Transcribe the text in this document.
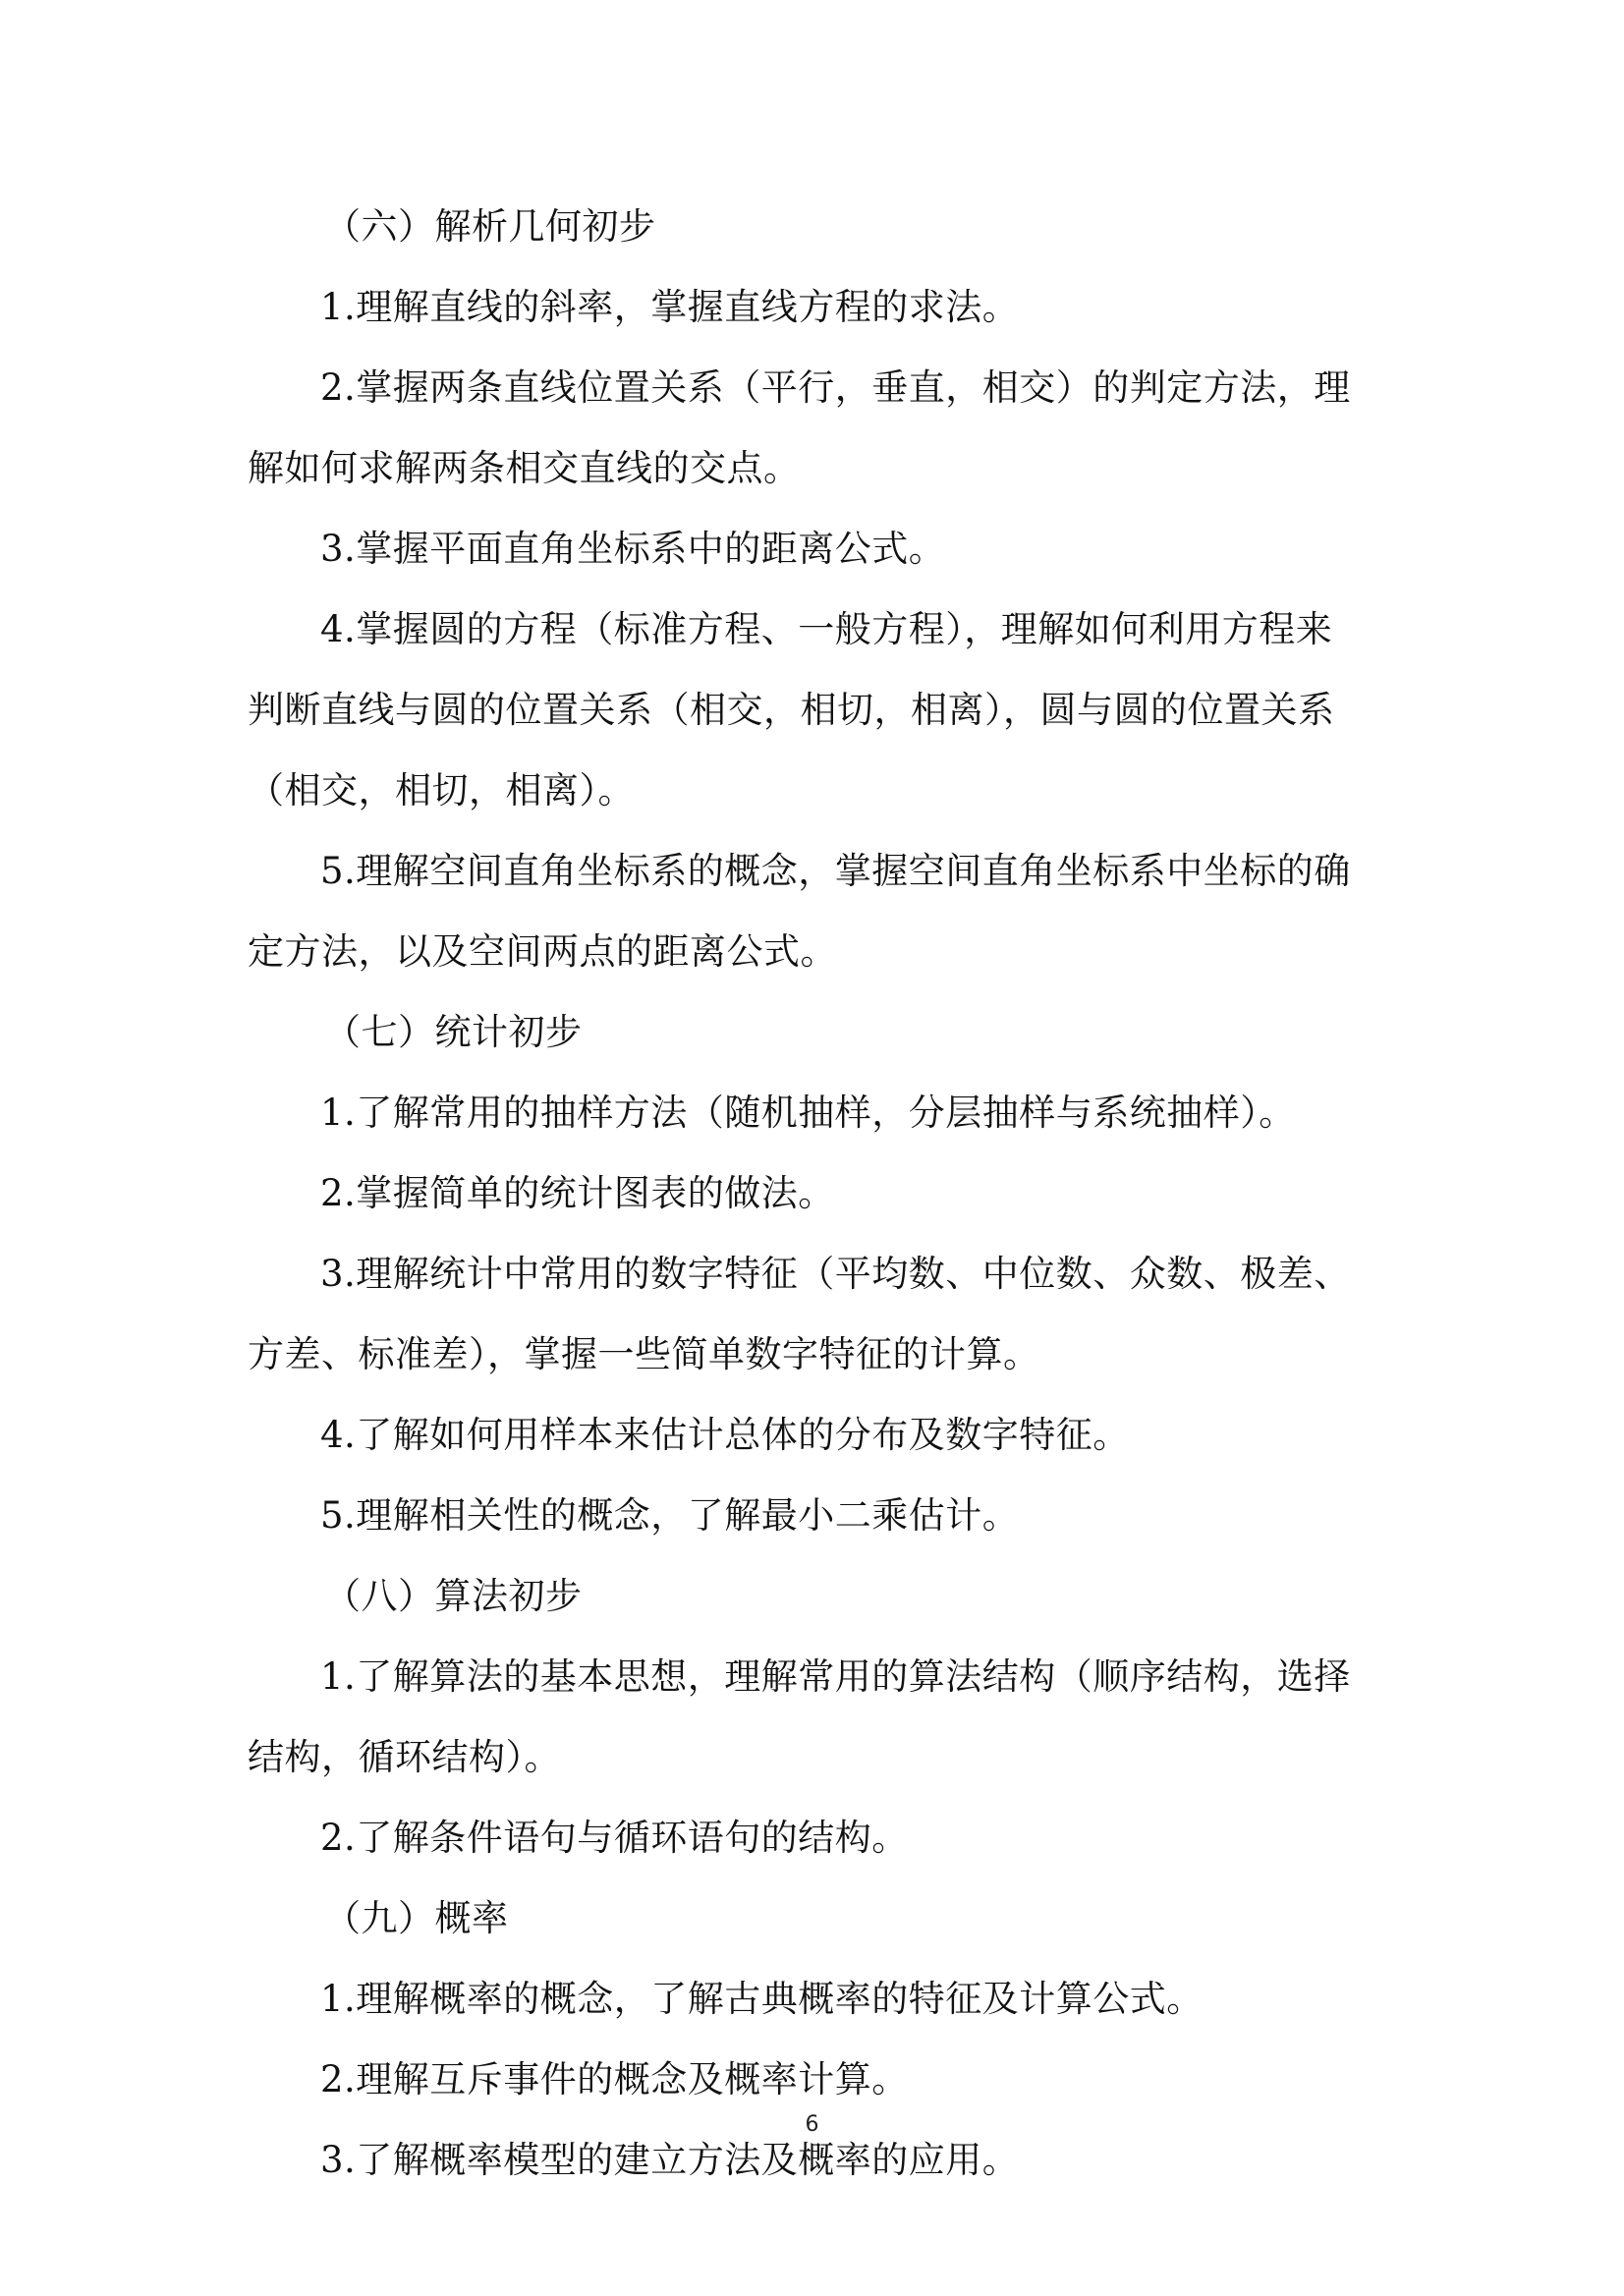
（六）解析几何初步
1.理解直线的斜率，掌握直线方程的求法。
2.掌握两条直线位置关系（平行，垂直，相交）的判定方法，理
解如何求解两条相交直线的交点。
3.掌握平面直角坐标系中的距离公式。
4.掌握圆的方程（标准方程、一般方程），理解如何利用方程来
判断直线与圆的位置关系（相交，相切，相离），圆与圆的位置关系
（相交，相切，相离）。
5.理解空间直角坐标系的概念，掌握空间直角坐标系中坐标的确
定方法，以及空间两点的距离公式。
（七）统计初步
1.了解常用的抽样方法（随机抽样，分层抽样与系统抽样）。
2.掌握简单的统计图表的做法。
3.理解统计中常用的数字特征（平均数、中位数、众数、极差、
方差、标准差），掌握一些简单数字特征的计算。
4.了解如何用样本来估计总体的分布及数字特征。
5.理解相关性的概念，了解最小二乘估计。
（八）算法初步
1.了解算法的基本思想，理解常用的算法结构（顺序结构，选择
结构，循环结构）。
2.了解条件语句与循环语句的结构。
（九）概率
1.理解概率的概念，了解古典概率的特征及计算公式。
2.理解互斥事件的概念及概率计算。
3.了解概率模型的建立方法及概率的应用。
6
